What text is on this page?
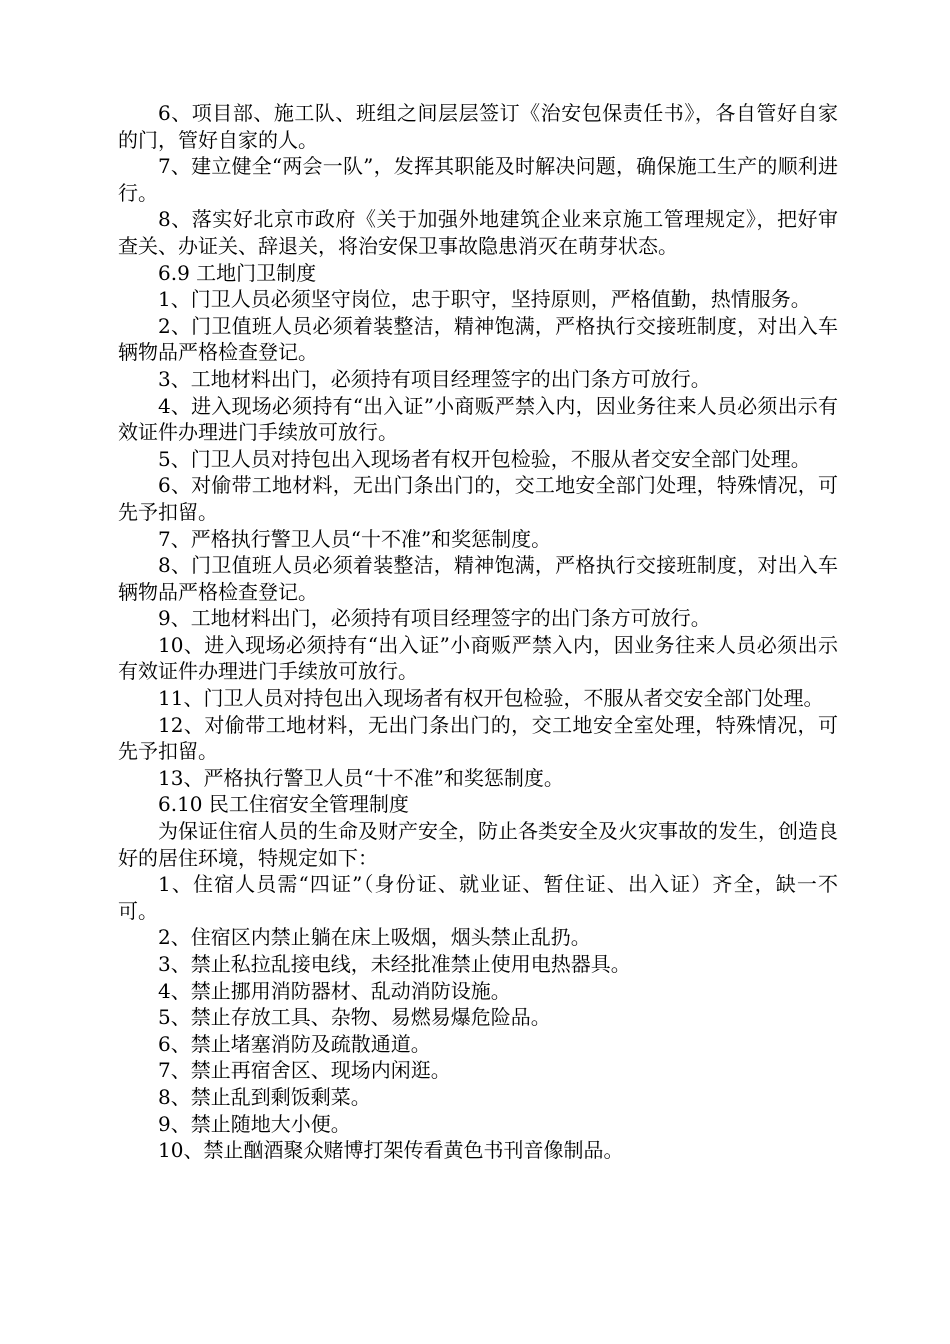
6、项目部、施工队、班组之间层层签订《治安包保责任书》，各自管好自家的门，管好自家的人。

7、建立健全“两会一队”，发挥其职能及时解决问题，确保施工生产的顺利进行。

8、落实好北京市政府《关于加强外地建筑企业来京施工管理规定》，把好审查关、办证关、辞退关，将治安保卫事故隐患消灭在萌芽状态。

6.9 工地门卫制度

1、门卫人员必须坚守岗位，忠于职守，坚持原则，严格值勤，热情服务。

2、门卫值班人员必须着装整洁，精神饱满，严格执行交接班制度，对出入车辆物品严格检查登记。

3、工地材料出门，必须持有项目经理签字的出门条方可放行。

4、进入现场必须持有“出入证”小商贩严禁入内，因业务往来人员必须出示有效证件办理进门手续放可放行。

5、门卫人员对持包出入现场者有权开包检验，不服从者交安全部门处理。

6、对偷带工地材料，无出门条出门的，交工地安全部门处理，特殊情况，可先予扣留。

7、严格执行警卫人员“十不准”和奖惩制度。

8、门卫值班人员必须着装整洁，精神饱满，严格执行交接班制度，对出入车辆物品严格检查登记。

9、工地材料出门，必须持有项目经理签字的出门条方可放行。

10、进入现场必须持有“出入证”小商贩严禁入内，因业务往来人员必须出示有效证件办理进门手续放可放行。

11、门卫人员对持包出入现场者有权开包检验，不服从者交安全部门处理。

12、对偷带工地材料，无出门条出门的，交工地安全室处理，特殊情况，可先予扣留。

13、严格执行警卫人员“十不准”和奖惩制度。

6.10 民工住宿安全管理制度

为保证住宿人员的生命及财产安全，防止各类安全及火灾事故的发生，创造良好的居住环境，特规定如下：

1、住宿人员需“四证”（身份证、就业证、暂住证、出入证）齐全，缺一不可。

2、住宿区内禁止躺在床上吸烟，烟头禁止乱扔。

3、禁止私拉乱接电线，未经批准禁止使用电热器具。

4、禁止挪用消防器材、乱动消防设施。

5、禁止存放工具、杂物、易燃易爆危险品。

6、禁止堵塞消防及疏散通道。

7、禁止再宿舍区、现场内闲逛。

8、禁止乱到剩饭剩菜。

9、禁止随地大小便。

10、禁止酗酒聚众赌博打架传看黄色书刊音像制品。
